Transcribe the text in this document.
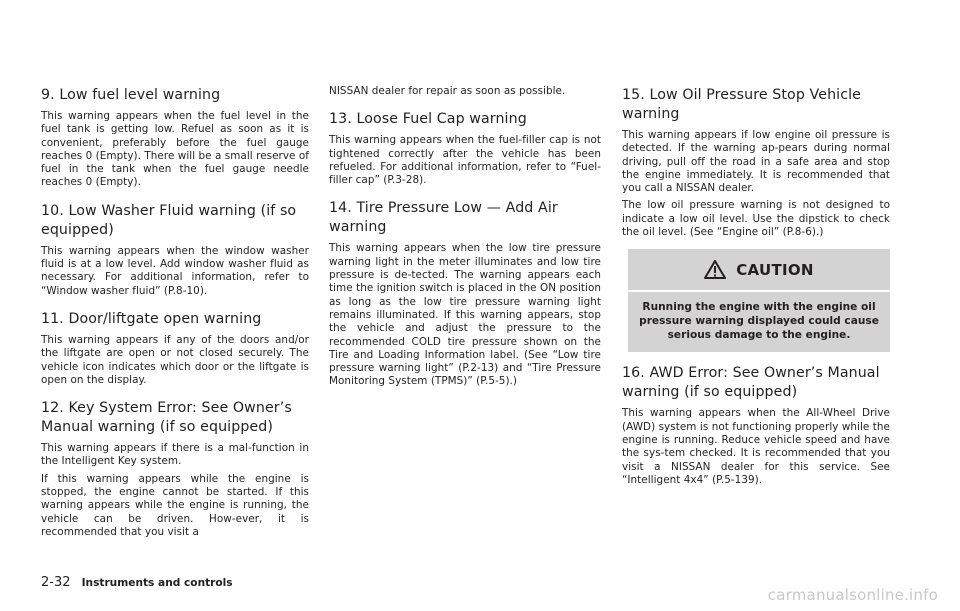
9. Low fuel level warning

This warning appears when the fuel level in the fuel tank is getting low. Refuel as soon as it is convenient, preferably before the fuel gauge reaches 0 (Empty). There will be a small reserve of fuel in the tank when the fuel gauge needle reaches 0 (Empty).

10. Low Washer Fluid warning (if so equipped)

This warning appears when the window washer fluid is at a low level. Add window washer fluid as necessary. For additional information, refer to “Window washer fluid” (P.8-10).

11. Door/liftgate open warning

This warning appears if any of the doors and/or the liftgate are open or not closed securely. The vehicle icon indicates which door or the liftgate is open on the display.

12. Key System Error: See Owner’s Manual warning (if so equipped)

This warning appears if there is a mal-function in the Intelligent Key system.

If this warning appears while the engine is stopped, the engine cannot be started. If this warning appears while the engine is running, the vehicle can be driven. How-ever, it is recommended that you visit a

NISSAN dealer for repair as soon as possible.

13. Loose Fuel Cap warning

This warning appears when the fuel-filler cap is not tightened correctly after the vehicle has been refueled. For additional information, refer to “Fuel-filler cap” (P.3-28).

14. Tire Pressure Low — Add Air warning

This warning appears when the low tire pressure warning light in the meter illuminates and low tire pressure is de-tected. The warning appears each time the ignition switch is placed in the ON position as long as the low tire pressure warning light remains illuminated. If this warning appears, stop the vehicle and adjust the pressure to the recommended COLD tire pressure shown on the Tire and Loading Information label. (See “Low tire pressure warning light” (P.2-13) and “Tire Pressure Monitoring System (TPMS)” (P.5-5).)

15. Low Oil Pressure Stop Vehicle warning

This warning appears if low engine oil pressure is detected. If the warning ap-pears during normal driving, pull off the road in a safe area and stop the engine immediately. It is recommended that you call a NISSAN dealer.

The low oil pressure warning is not designed to indicate a low oil level. Use the dipstick to check the oil level. (See “Engine oil” (P.8-6).)

CAUTION
Running the engine with the engine oil pressure warning displayed could cause serious damage to the engine.
16. AWD Error: See Owner’s Manual warning (if so equipped)

This warning appears when the All-Wheel Drive (AWD) system is not functioning properly while the engine is running. Reduce vehicle speed and have the sys-tem checked. It is recommended that you visit a NISSAN dealer for this service. See “Intelligent 4x4” (P.5-139).

2-32 Instruments and controls
carmanualsonline.info
